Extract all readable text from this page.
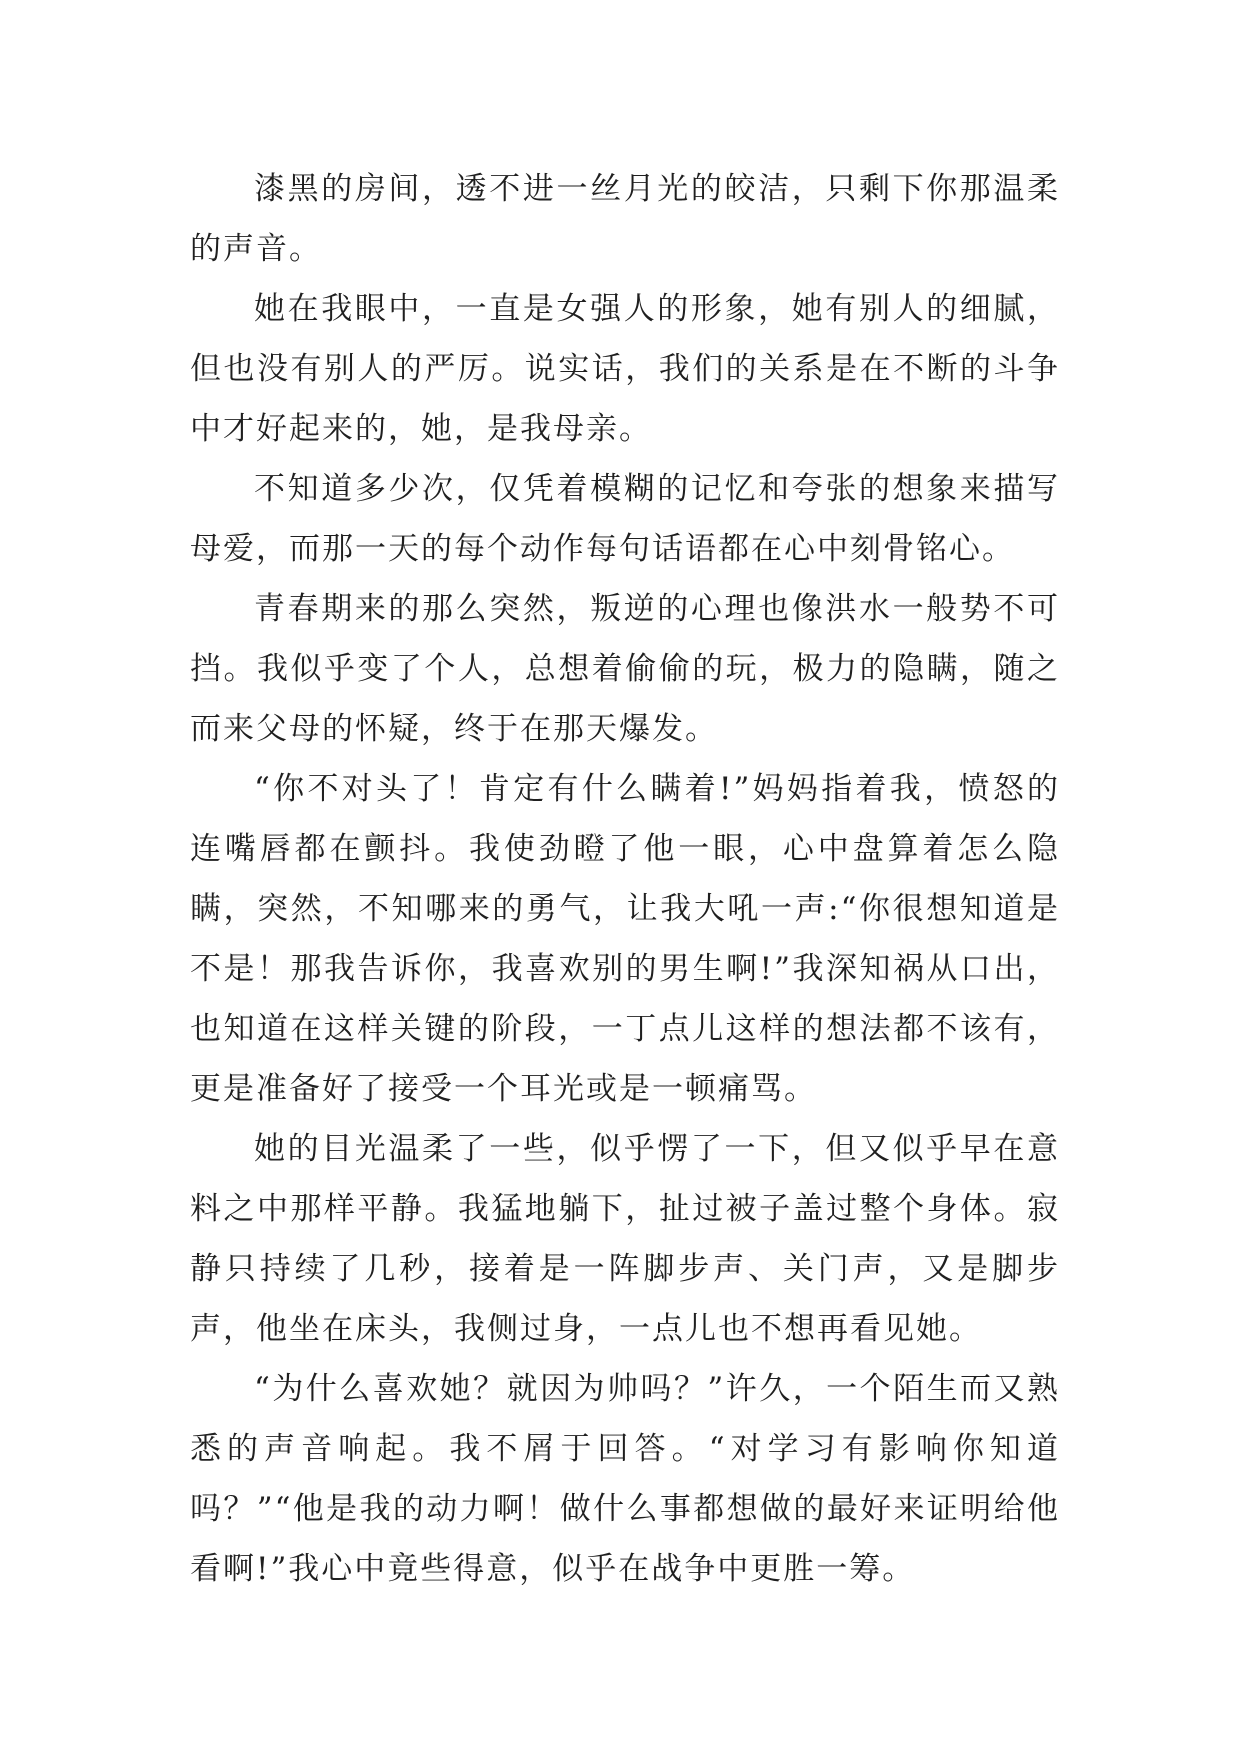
漆黑的房间，透不进一丝月光的皎洁，只剩下你那温柔的声音。

她在我眼中，一直是女强人的形象，她有别人的细腻，但也没有别人的严厉。说实话，我们的关系是在不断的斗争中才好起来的，她，是我母亲。

不知道多少次，仅凭着模糊的记忆和夸张的想象来描写母爱，而那一天的每个动作每句话语都在心中刻骨铭心。

青春期来的那么突然，叛逆的心理也像洪水一般势不可挡。我似乎变了个人，总想着偷偷的玩，极力的隐瞒，随之而来父母的怀疑，终于在那天爆发。

“你不对头了！肯定有什么瞒着!”妈妈指着我，愤怒的连嘴唇都在颤抖。我使劲瞪了他一眼，心中盘算着怎么隐瞒，突然，不知哪来的勇气，让我大吼一声:“你很想知道是不是！那我告诉你，我喜欢别的男生啊!”我深知祸从口出，也知道在这样关键的阶段，一丁点儿这样的想法都不该有，更是准备好了接受一个耳光或是一顿痛骂。

她的目光温柔了一些，似乎愣了一下，但又似乎早在意料之中那样平静。我猛地躺下，扯过被子盖过整个身体。寂静只持续了几秒，接着是一阵脚步声、关门声，又是脚步声，他坐在床头，我侧过身，一点儿也不想再看见她。

“为什么喜欢她？就因为帅吗？”许久，一个陌生而又熟悉的声音响起。我不屑于回答。“对学习有影响你知道吗？”“他是我的动力啊！做什么事都想做的最好来证明给他看啊!”我心中竟些得意，似乎在战争中更胜一筹。
